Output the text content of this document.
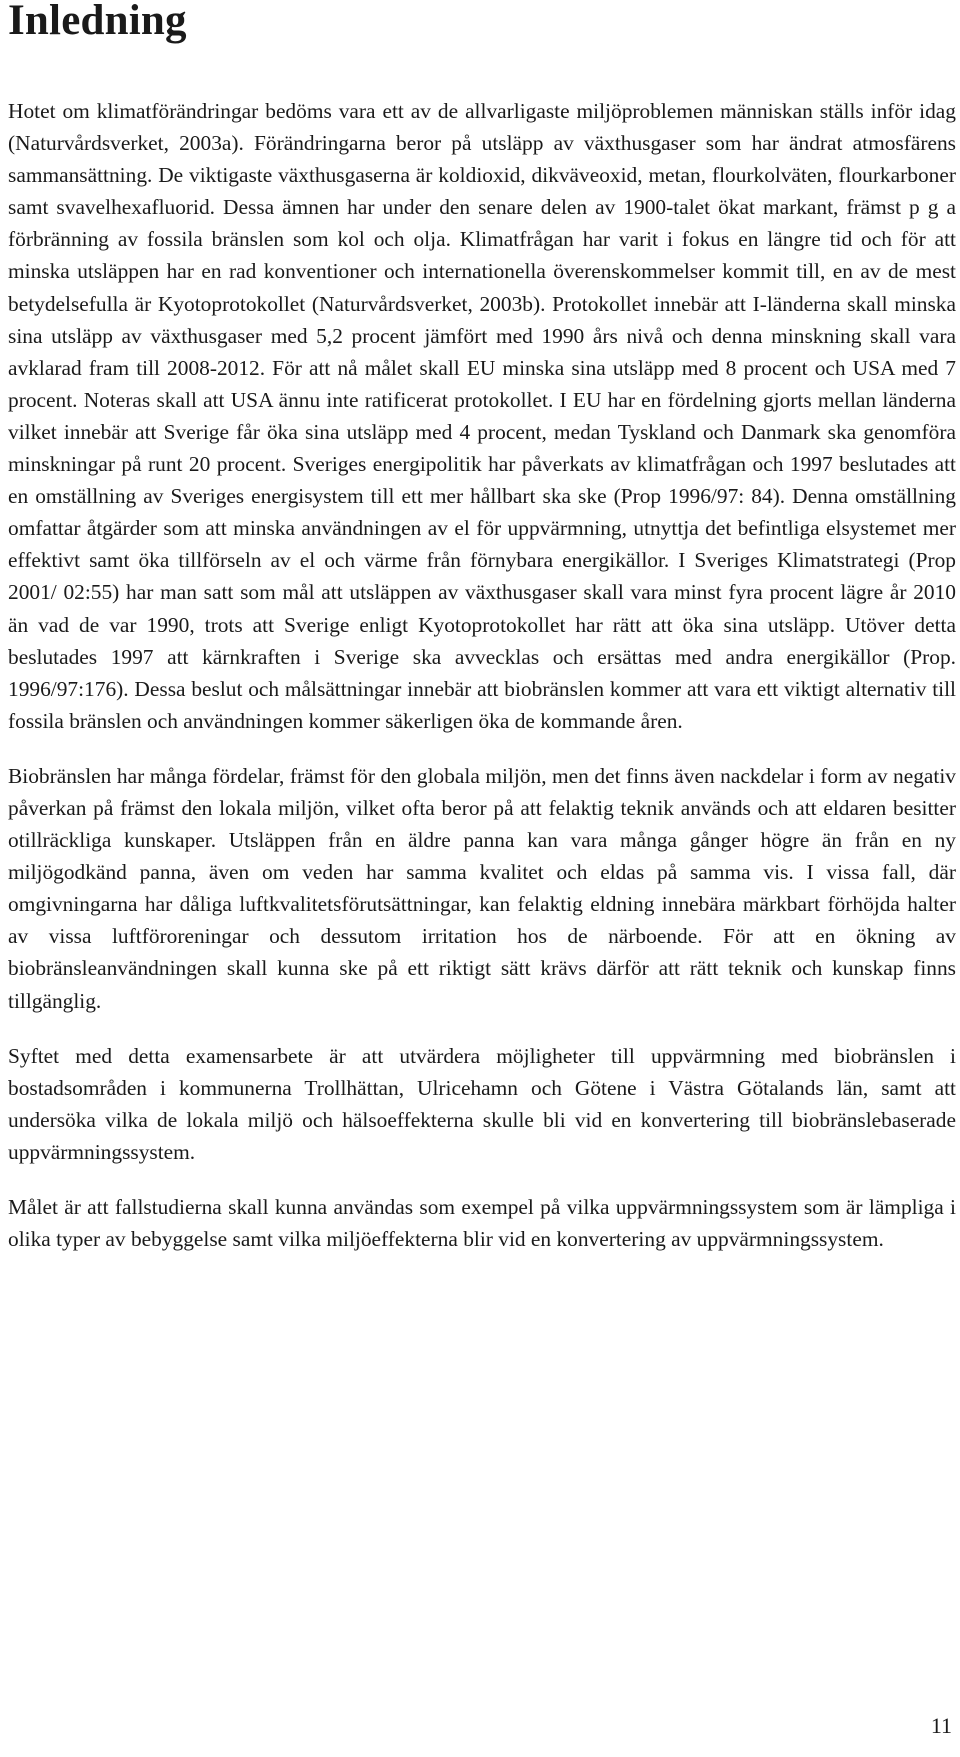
Inledning

Hotet om klimatförändringar bedöms vara ett av de allvarligaste miljöproblemen människan ställs inför idag (Naturvårdsverket, 2003a). Förändringarna beror på utsläpp av växthusgaser som har ändrat atmosfärens sammansättning. De viktigaste växthusgaserna är koldioxid, dikväveoxid, metan, flourkolväten, flourkarboner samt svavelhexafluorid. Dessa ämnen har under den senare delen av 1900-talet ökat markant, främst p g a förbränning av fossila bränslen som kol och olja. Klimatfrågan har varit i fokus en längre tid och för att minska utsläppen har en rad konventioner och internationella överenskommelser kommit till, en av de mest betydelsefulla är Kyotoprotokollet (Naturvårdsverket, 2003b). Protokollet innebär att I-länderna skall minska sina utsläpp av växthusgaser med 5,2 procent jämfört med 1990 års nivå och denna minskning skall vara avklarad fram till 2008-2012. För att nå målet skall EU minska sina utsläpp med 8 procent och USA med 7 procent. Noteras skall att USA ännu inte ratificerat protokollet. I EU har en fördelning gjorts mellan länderna vilket innebär att Sverige får öka sina utsläpp med 4 procent, medan Tyskland och Danmark ska genomföra minskningar på runt 20 procent. Sveriges energipolitik har påverkats av klimatfrågan och 1997 beslutades att en omställning av Sveriges energisystem till ett mer hållbart ska ske (Prop 1996/97: 84). Denna omställning omfattar åtgärder som att minska användningen av el för uppvärmning, utnyttja det befintliga elsystemet mer effektivt samt öka tillförseln av el och värme från förnybara energikällor. I Sveriges Klimatstrategi (Prop 2001/ 02:55) har man satt som mål att utsläppen av växthusgaser skall vara minst fyra procent lägre år 2010 än vad de var 1990, trots att Sverige enligt Kyotoprotokollet har rätt att öka sina utsläpp. Utöver detta beslutades 1997 att kärnkraften i Sverige ska avvecklas och ersättas med andra energikällor (Prop. 1996/97:176). Dessa beslut och målsättningar innebär att biobränslen kommer att vara ett viktigt alternativ till fossila bränslen och användningen kommer säkerligen öka de kommande åren.

Biobränslen har många fördelar, främst för den globala miljön, men det finns även nackdelar i form av negativ påverkan på främst den lokala miljön, vilket ofta beror på att felaktig teknik används och att eldaren besitter otillräckliga kunskaper. Utsläppen från en äldre panna kan vara många gånger högre än från en ny miljögodkänd panna, även om veden har samma kvalitet och eldas på samma vis. I vissa fall, där omgivningarna har dåliga luftkvalitetsförutsättningar, kan felaktig eldning innebära märkbart förhöjda halter av vissa luftföroreningar och dessutom irritation hos de närboende. För att en ökning av biobränsleanvändningen skall kunna ske på ett riktigt sätt krävs därför att rätt teknik och kunskap finns tillgänglig.

Syftet med detta examensarbete är att utvärdera möjligheter till uppvärmning med biobränslen i bostadsområden i kommunerna Trollhättan, Ulricehamn och Götene i Västra Götalands län, samt att undersöka vilka de lokala miljö och hälsoeffekterna skulle bli vid en konvertering till biobränslebaserade uppvärmningssystem.

Målet är att fallstudierna skall kunna användas som exempel på vilka uppvärmningssystem som är lämpliga i olika typer av bebyggelse samt vilka miljöeffekterna blir vid en konvertering av uppvärmningssystem.

11
